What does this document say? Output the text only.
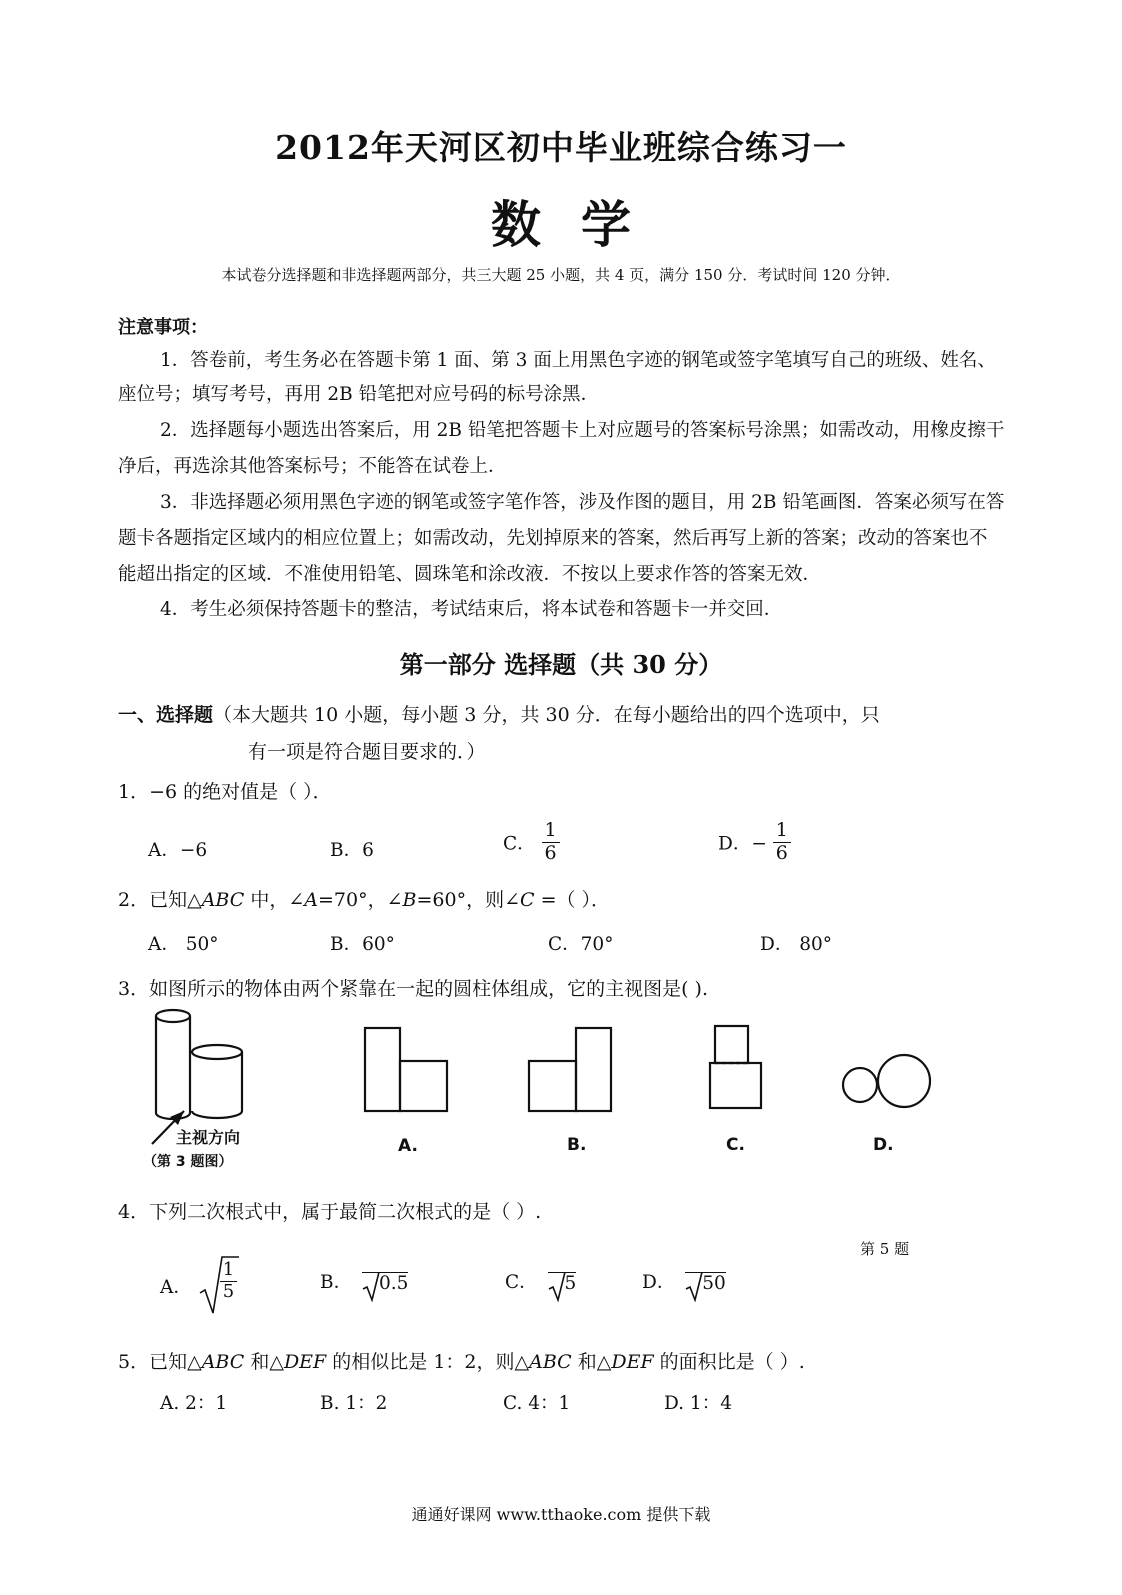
2012年天河区初中毕业班综合练习一
数学
本试卷分选择题和非选择题两部分，共三大题 25 小题，共 4 页，满分 150 分．考试时间 120 分钟．
注意事项：
1．答卷前，考生务必在答题卡第 1 面、第 3 面上用黑色字迹的钢笔或签字笔填写自己的班级、姓名、
座位号；填写考号，再用 2B 铅笔把对应号码的标号涂黑．
2．选择题每小题选出答案后，用 2B 铅笔把答题卡上对应题号的答案标号涂黑；如需改动，用橡皮擦干
净后，再选涂其他答案标号；不能答在试卷上．
3．非选择题必须用黑色字迹的钢笔或签字笔作答，涉及作图的题目，用 2B 铅笔画图．答案必须写在答
题卡各题指定区域内的相应位置上；如需改动，先划掉原来的答案，然后再写上新的答案；改动的答案也不
能超出指定的区域．不准使用铅笔、圆珠笔和涂改液．不按以上要求作答的答案无效．
4．考生必须保持答题卡的整洁，考试结束后，将本试卷和答题卡一并交回．
第一部分 选择题（共 30 分）
一、选择题（本大题共 10 小题，每小题 3 分，共 30 分．在每小题给出的四个选项中，只
有一项是符合题目要求的．）
1．−6 的绝对值是（ ）．
A．−6	B．6	C． $\frac{1}{6}$	D．− $\frac{1}{6}$
2．已知△ABC 中，∠A=70°，∠B=60°，则∠C =（ ）．
A． 50°	B．60°	C．70°	D． 80°
3．如图所示的物体由两个紧靠在一起的圆柱体组成，它的主视图是( ).
主视方向
（第 3 题图）
A.	B.	C.	D.
4．下列二次根式中，属于最简二次根式的是（ ）.
第 5 题
A． $\frac{1}{5}$	B． 0.5	C． 5	D． 50
5．已知△ABC 和△DEF 的相似比是 1：2，则△ABC 和△DEF 的面积比是（ ）.
A. 2：1	B. 1：2	C. 4：1	D. 1：4
通通好课网 www.tthaoke.com 提供下载
